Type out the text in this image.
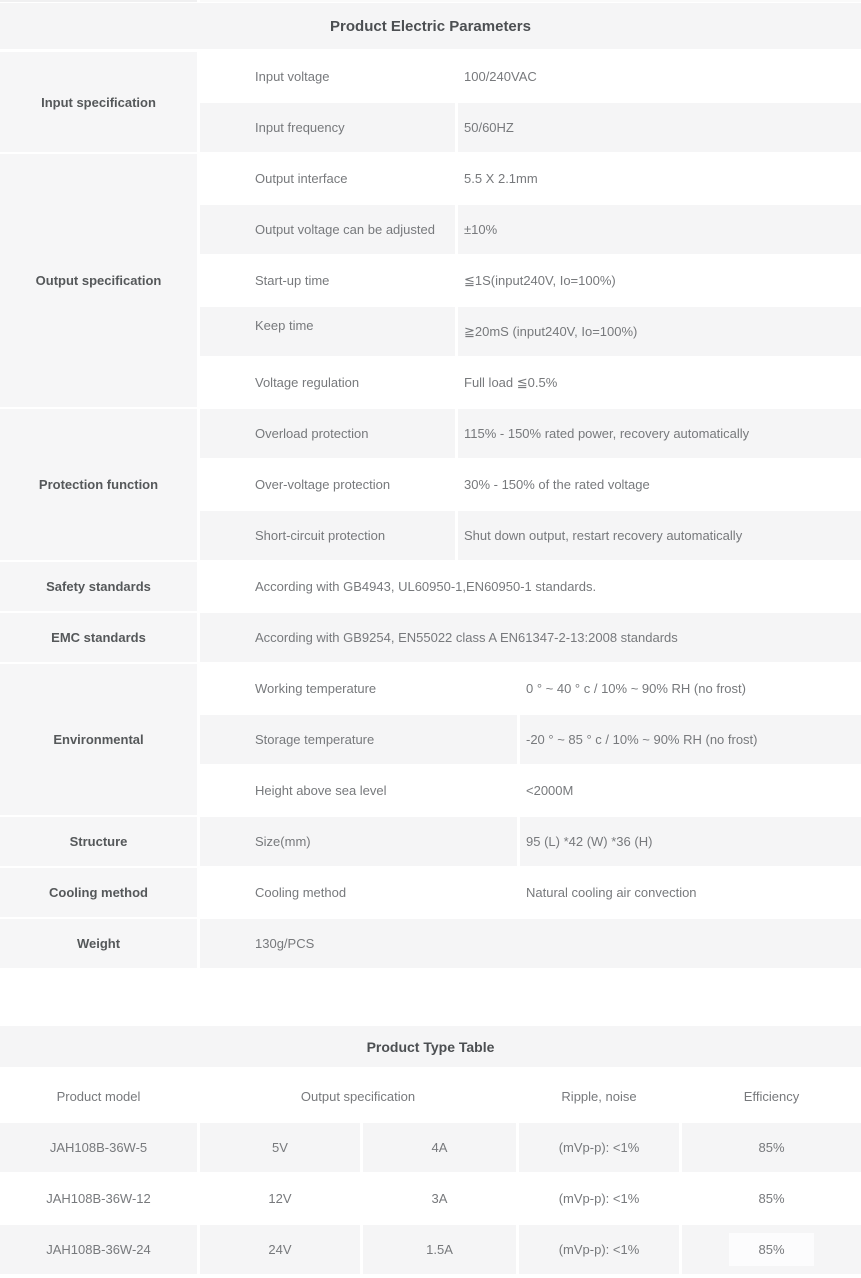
Product Electric Parameters
Input specification
Input voltage	100/240VAC
Input frequency	50/60HZ
Output specification
Output interface	5.5 X 2.1mm
Output voltage can be adjusted	±10%
Start-up time	≦1S(input240V, Io=100%)
Keep time	≧20mS (input240V, Io=100%)
Voltage regulation	Full load ≦0.5%
Protection function
Overload protection	115% - 150% rated power, recovery automatically
Over-voltage protection	30% - 150% of the rated voltage
Short-circuit protection	Shut down output, restart recovery automatically
Safety standards	According with GB4943, UL60950-1,EN60950-1 standards.
EMC standards	According with GB9254, EN55022 class A EN61347-2-13:2008 standards
Environmental
Working temperature	0 ° ~ 40 ° c / 10% ~ 90% RH (no frost)
Storage temperature	-20 ° ~ 85 ° c / 10% ~ 90% RH (no frost)
Height above sea level	<2000M
Structure	Size(mm)	95 (L) *42 (W) *36 (H)
Cooling method	Cooling method	Natural cooling air convection
Weight	130g/PCS
Product Type Table
Product model	Output specification	Ripple, noise	Efficiency
JAH108B-36W-5	5V	4A	(mVp-p): <1%	85%
JAH108B-36W-12	12V	3A	(mVp-p): <1%	85%
JAH108B-36W-24	24V	1.5A	(mVp-p): <1%	85%
